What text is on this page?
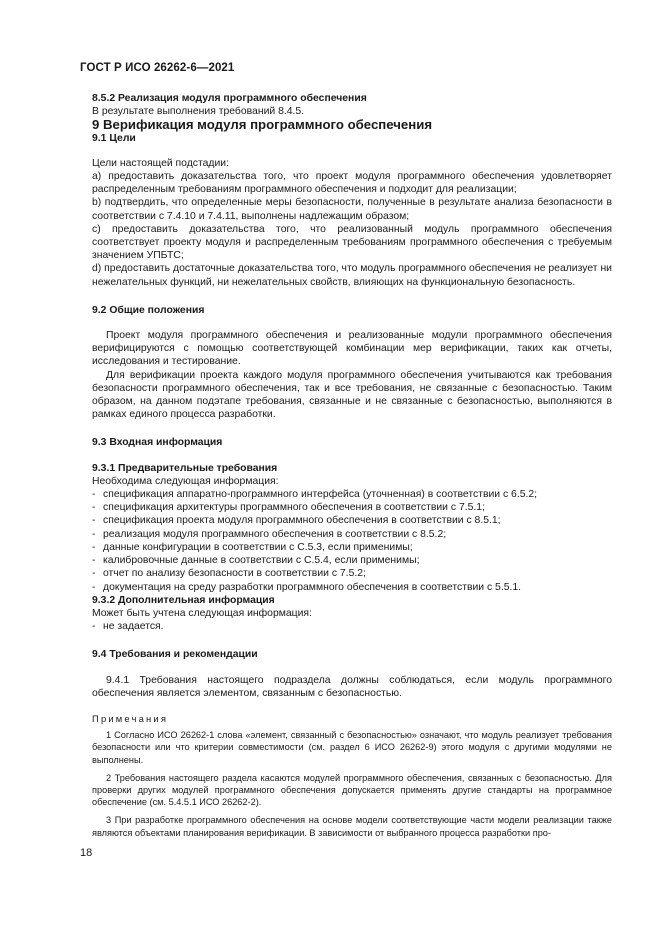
ГОСТ Р ИСО 26262-6—2021

8.5.2 Реализация модуля программного обеспечения

В результате выполнения требований 8.4.5.

9 Верификация модуля программного обеспечения

9.1 Цели

Цели настоящей подстадии:

a) предоставить доказательства того, что проект модуля программного обеспечения удовлетворяет распределенным требованиям программного обеспечения и подходит для реализации;

b) подтвердить, что определенные меры безопасности, полученные в результате анализа безопасности в соответствии с 7.4.10 и 7.4.11, выполнены надлежащим образом;

c) предоставить доказательства того, что реализованный модуль программного обеспечения соответствует проекту модуля и распределенным требованиям программного обеспечения с требуемым значением УПБТС;

d) предоставить достаточные доказательства того, что модуль программного обеспечения не реализует ни нежелательных функций, ни нежелательных свойств, влияющих на функциональную безопасность.

9.2 Общие положения

Проект модуля программного обеспечения и реализованные модули программного обеспечения верифицируются с помощью соответствующей комбинации мер верификации, таких как отчеты, исследования и тестирование.

Для верификации проекта каждого модуля программного обеспечения учитываются как требования безопасности программного обеспечения, так и все требования, не связанные с безопасностью. Таким образом, на данном подэтапе требования, связанные и не связанные с безопасностью, выполняются в рамках единого процесса разработки.

9.3 Входная информация

9.3.1 Предварительные требования

Необходима следующая информация:

- спецификация аппаратно-программного интерфейса (уточненная) в соответствии с 6.5.2;

- спецификация архитектуры программного обеспечения в соответствии с 7.5.1;

- спецификация проекта модуля программного обеспечения в соответствии с 8.5.1;

- реализация модуля программного обеспечения в соответствии с 8.5.2;

- данные конфигурации в соответствии с С.5.3, если применимы;

- калибровочные данные в соответствии с С.5.4, если применимы;

- отчет по анализу безопасности в соответствии с 7.5.2;

- документация на среду разработки программного обеспечения в соответствии с 5.5.1.

9.3.2 Дополнительная информация

Может быть учтена следующая информация:

- не задается.

9.4 Требования и рекомендации

9.4.1 Требования настоящего подраздела должны соблюдаться, если модуль программного обеспечения является элементом, связанным с безопасностью.

Примечания

1 Согласно ИСО 26262-1 слова «элемент, связанный с безопасностью» означают, что модуль реализует требования безопасности или что критерии совместимости (см. раздел 6 ИСО 26262-9) этого модуля с другими модулями не выполнены.

2 Требования настоящего раздела касаются модулей программного обеспечения, связанных с безопасностью. Для проверки других модулей программного обеспечения допускается применять другие стандарты на программное обеспечение (см. 5.4.5.1 ИСО 26262-2).

3 При разработке программного обеспечения на основе модели соответствующие части модели реализации также являются объектами планирования верификации. В зависимости от выбранного процесса разработки про-

18
